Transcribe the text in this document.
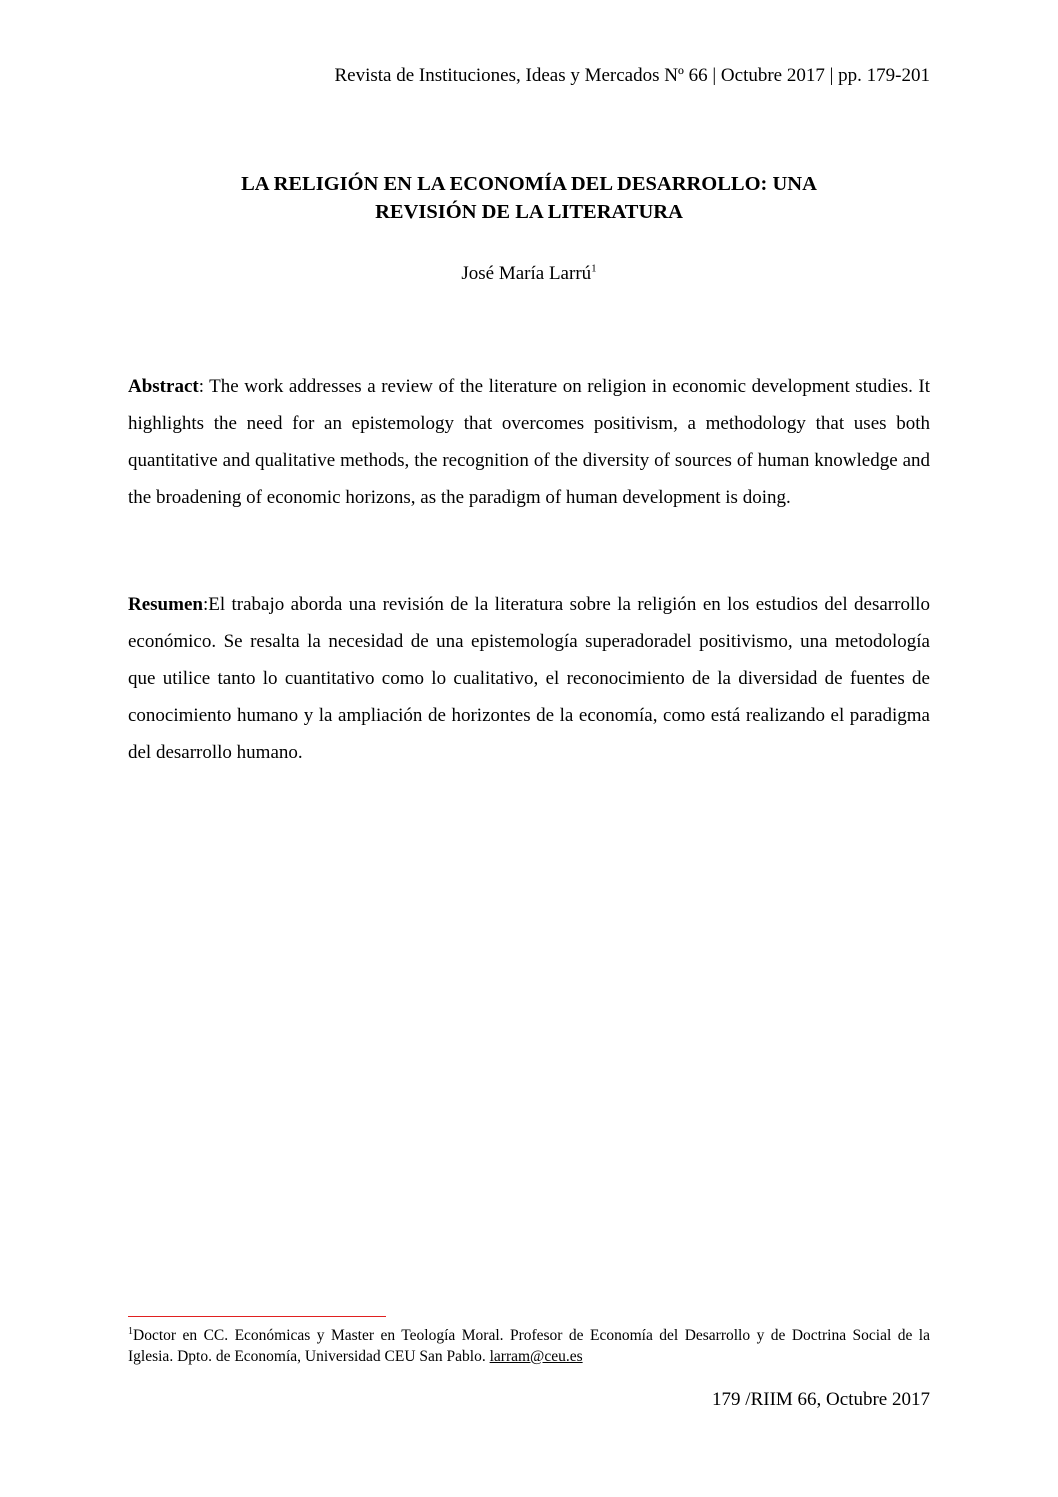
Revista de Instituciones, Ideas y Mercados Nº 66 | Octubre 2017 | pp. 179-201
LA RELIGIÓN EN LA ECONOMÍA DEL DESARROLLO: UNA
REVISIÓN DE LA LITERATURA
José María Larrú$^1$

Abstract: The work addresses a review of the literature on religion in economic development studies. It highlights the need for an epistemology that overcomes positivism, a methodology that uses both quantitative and qualitative methods, the recognition of the diversity of sources of human knowledge and the broadening of economic horizons, as the paradigm of human development is doing.

Resumen:El trabajo aborda una revisión de la literatura sobre la religión en los estudios del desarrollo económico. Se resalta la necesidad de una epistemología superadoradel positivismo, una metodología que utilice tanto lo cuantitativo como lo cualitativo, el reconocimiento de la diversidad de fuentes de conocimiento humano y la ampliación de horizontes de la economía, como está realizando el paradigma del desarrollo humano.

$^1$Doctor en CC. Económicas y Master en Teología Moral. Profesor de Economía del Desarrollo y de Doctrina Social de la Iglesia. Dpto. de Economía, Universidad CEU San Pablo. larram@ceu.es

179 /RIIM 66, Octubre 2017
